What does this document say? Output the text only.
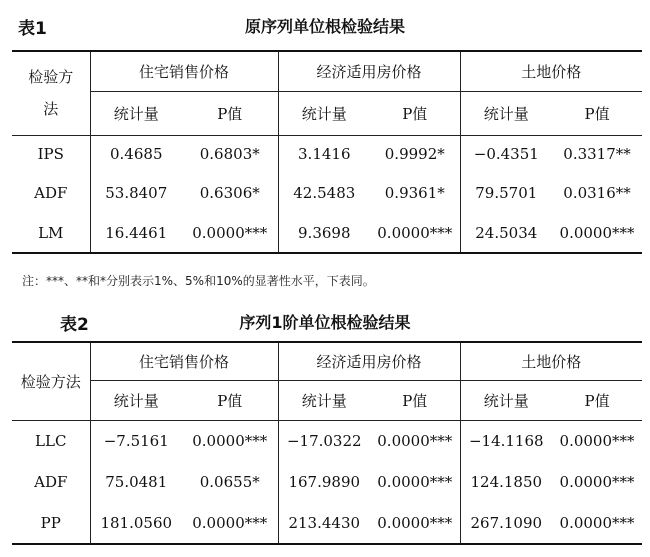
表1	原序列单位根检验结果
检验方法	住宅销售价格		经济适用房价格		土地价格	
	统计量	P值	统计量	P值	统计量	P值
IPS	0.4685	0.6803*	3.1416	0.9992*	−0.4351	0.3317**
ADF	53.8407	0.6306*	42.5483	0.9361*	79.5701	0.0316**
LM	16.4461	0.0000***	9.3698	0.0000***	24.5034	0.0000***
注：***、**和*分别表示1%、5%和10%的显著性水平，下表同。
表2	序列1阶单位根检验结果
检验方法	住宅销售价格		经济适用房价格		土地价格	
	统计量	P值	统计量	P值	统计量	P值
LLC	−7.5161	0.0000***	−17.0322	0.0000***	−14.1168	0.0000***
ADF	75.0481	0.0655*	167.9890	0.0000***	124.1850	0.0000***
PP	181.0560	0.0000***	213.4430	0.0000***	267.1090	0.0000***
